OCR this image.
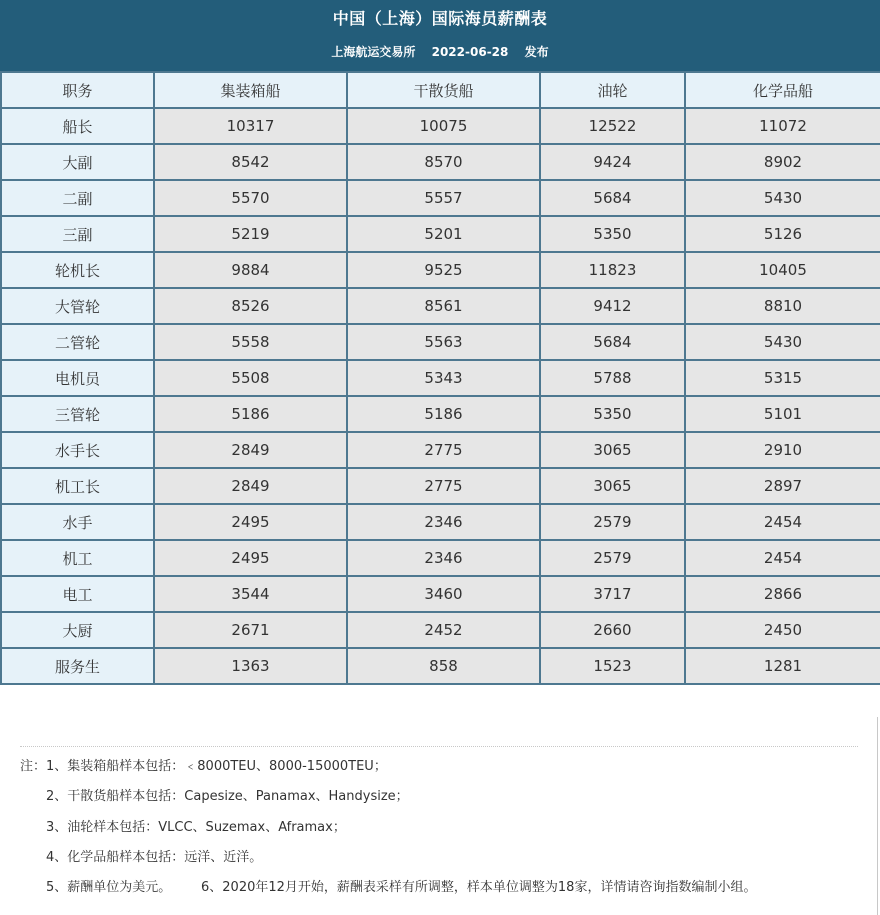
中国（上海）国际海员薪酬表
上海航运交易所 2022-06-28 发布
职务	集装箱船	干散货船	油轮	化学品船
船长	10317	10075	12522	11072
大副	8542	8570	9424	8902
二副	5570	5557	5684	5430
三副	5219	5201	5350	5126
轮机长	9884	9525	11823	10405
大管轮	8526	8561	9412	8810
二管轮	5558	5563	5684	5430
电机员	5508	5343	5788	5315
三管轮	5186	5186	5350	5101
水手长	2849	2775	3065	2910
机工长	2849	2775	3065	2897
水手	2495	2346	2579	2454
机工	2495	2346	2579	2454
电工	3544	3460	3717	2866
大厨	2671	2452	2660	2450
服务生	1363	858	1523	1281
注：1、集装箱船样本包括：﹤8000TEU、8000-15000TEU；
2、干散货船样本包括：Capesize、Panamax、Handysize；
3、油轮样本包括：VLCC、Suzemax、Aframax；
4、化学品船样本包括：远洋、近洋。
5、薪酬单位为美元。 6、2020年12月开始，薪酬表采样有所调整，样本单位调整为18家，详情请咨询指数编制小组。
